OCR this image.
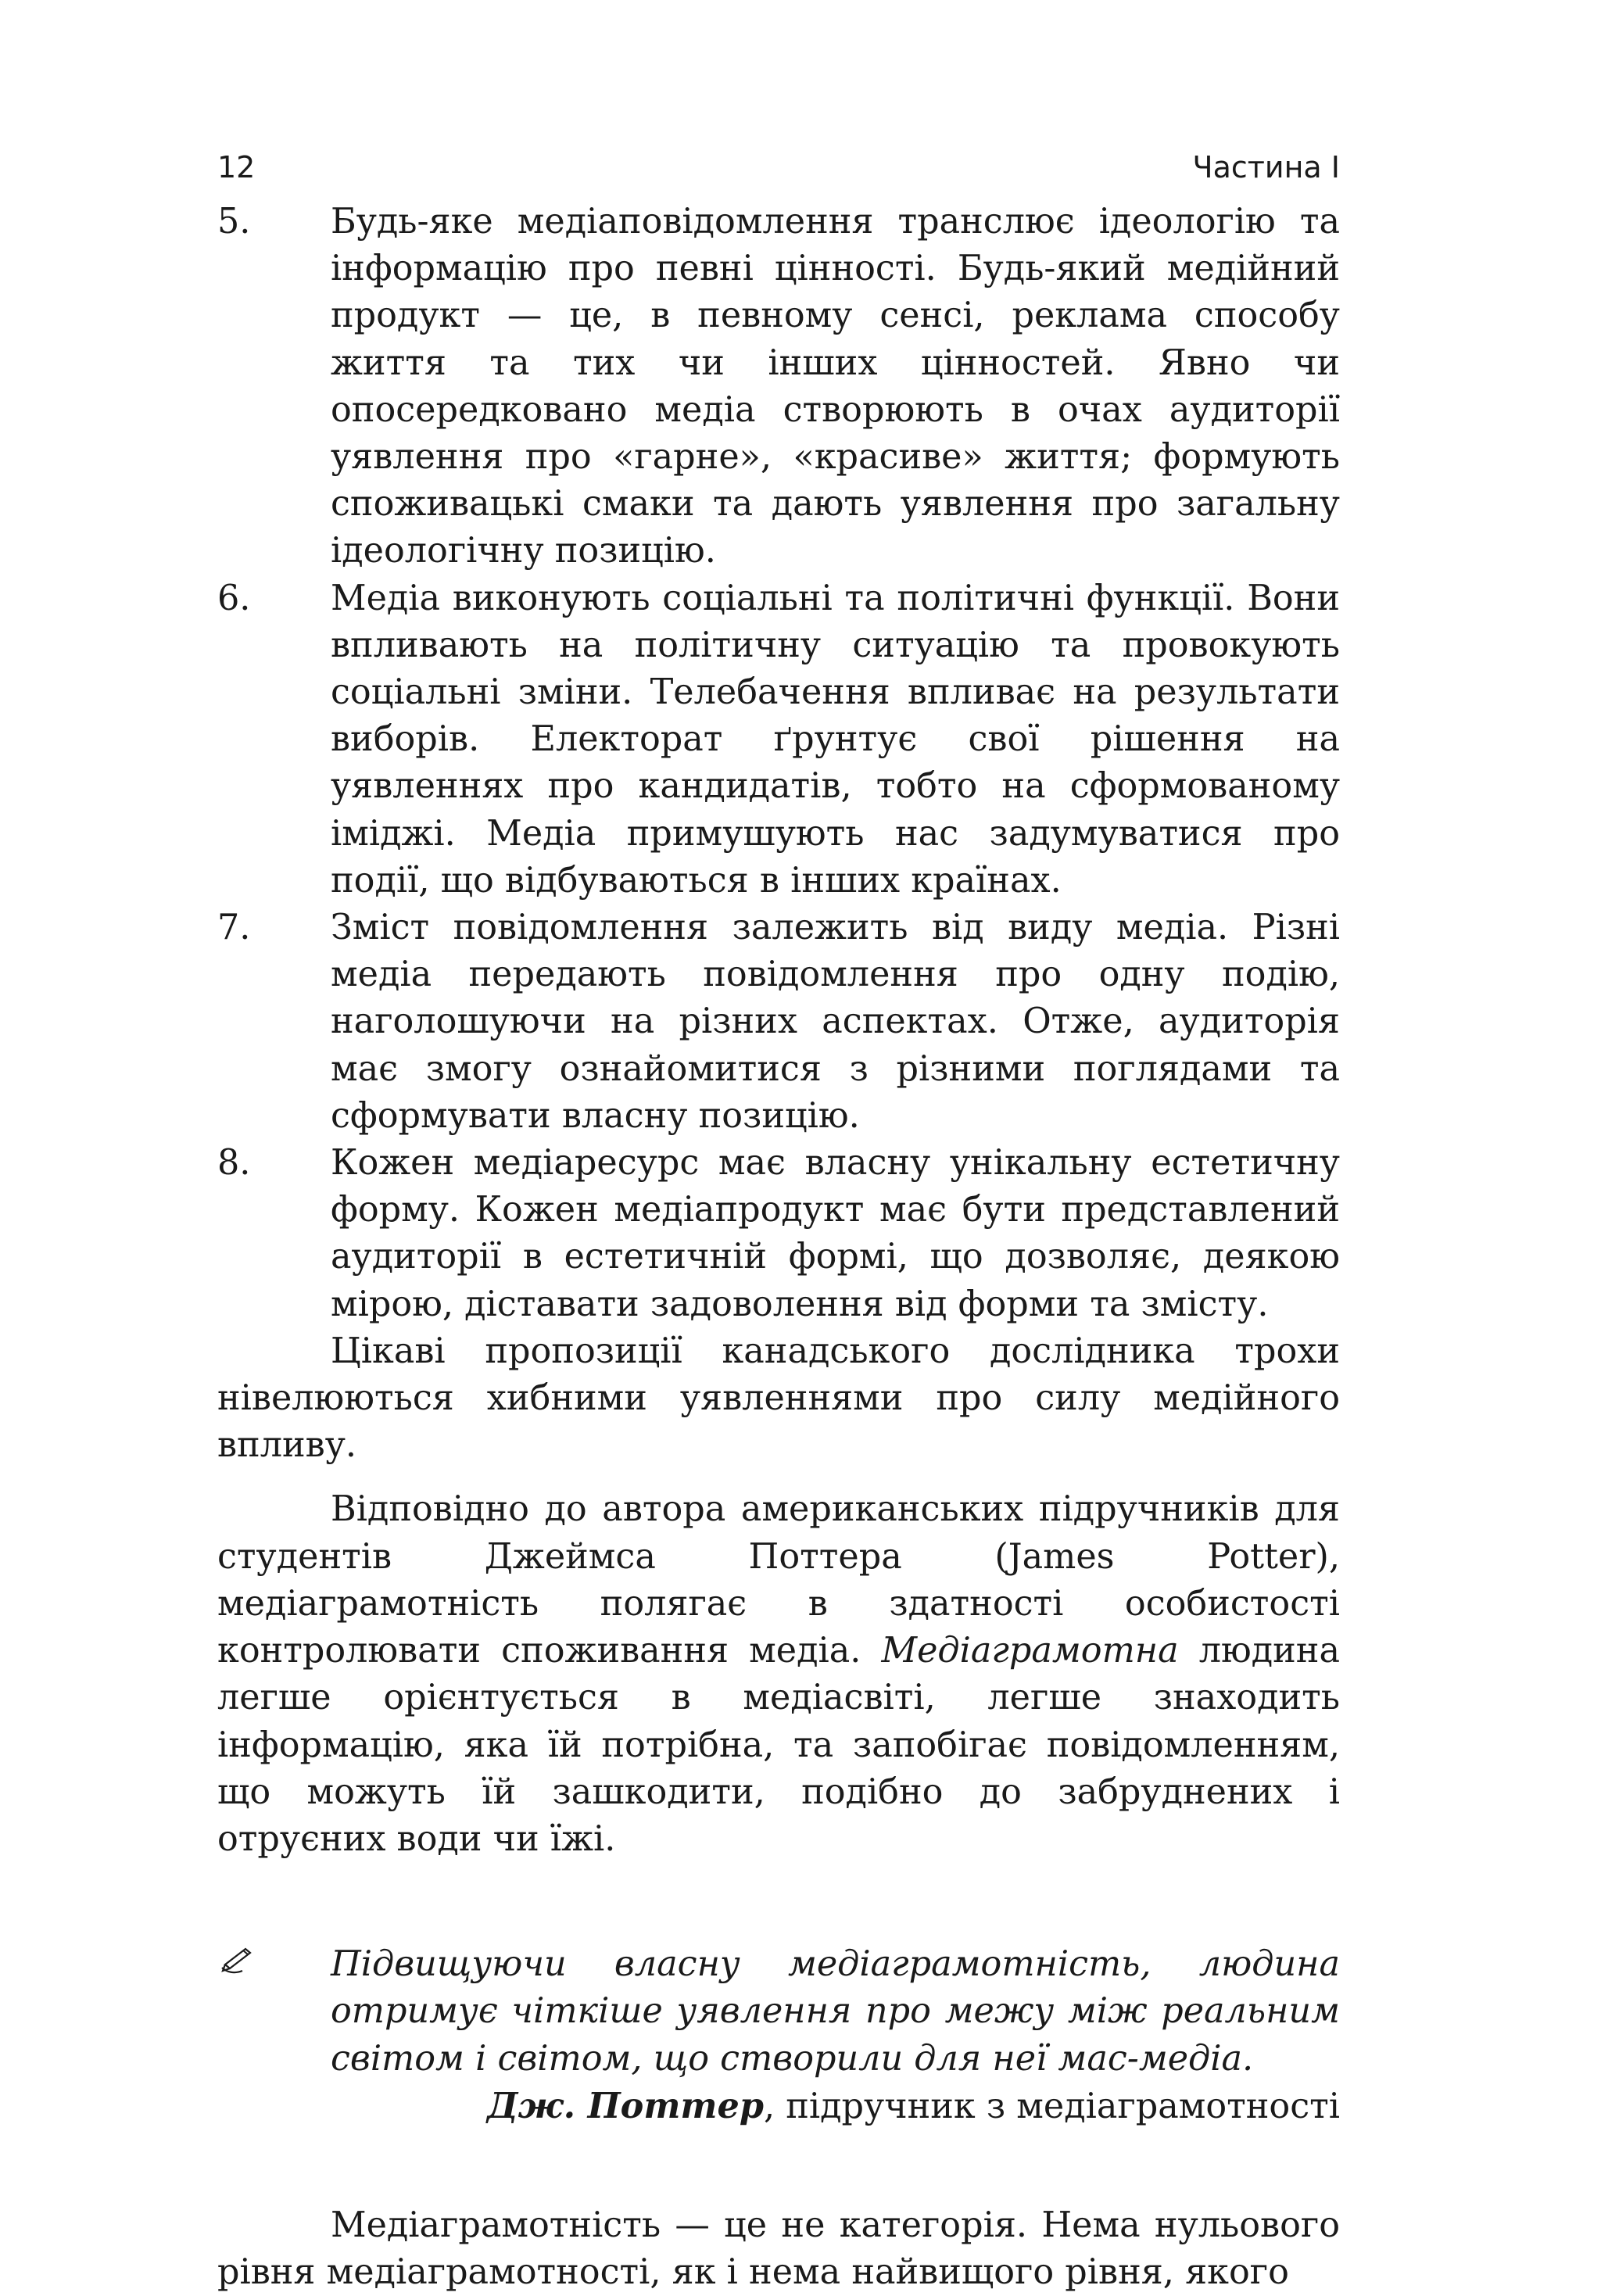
12	Частина I

5. Будь-яке медіаповідомлення транслює ідеологію та інформацію про певні цінності. Будь-який медійний продукт — це, в певному сенсі, реклама способу життя та тих чи інших цінностей. Явно чи опосередковано медіа створюють в очах аудиторії уявлення про «гарне», «красиве» життя; формують споживацькі смаки та дають уявлення про загальну ідеологічну позицію.

6. Медіа виконують соціальні та політичні функції. Вони впливають на політичну ситуацію та провокують соціальні зміни. Телебачення впливає на результати виборів. Електорат ґрунтує свої рішення на уявленнях про кандидатів, тобто на сформованому іміджі. Медіа примушують нас задумуватися про події, що відбуваються в інших країнах.

7. Зміст повідомлення залежить від виду медіа. Різні медіа передають повідомлення про одну подію, наголошуючи на різних аспектах. Отже, аудиторія має змогу ознайомитися з різними поглядами та сформувати власну позицію.

8. Кожен медіаресурс має власну унікальну естетичну форму. Кожен медіапродукт має бути представлений аудиторії в естетичній формі, що дозволяє, деякою мірою, діставати задоволення від форми та змісту.

Цікаві пропозиції канадського дослідника трохи нівелюються хибними уявленнями про силу медійного впливу.

Відповідно до автора американських підручників для студентів Джеймса Поттера (James Potter), медіаграмотність полягає в здатності особистості контролювати споживання медіа. Медіаграмотна людина легше орієнтується в медіасвіті, легше знаходить інформацію, яка їй потрібна, та запобігає повідомленням, що можуть їй зашкодити, подібно до забруднених і отруєних води чи їжі.

Підвищуючи власну медіаграмотність, людина отримує чіткіше уявлення про межу між реальним світом і світом, що створили для неї мас-медіа.

Дж. Поттер, підручник з медіаграмотності

Медіаграмотність — це не категорія. Нема нульового рівня медіаграмотності, як і нема найвищого рівня, якого
